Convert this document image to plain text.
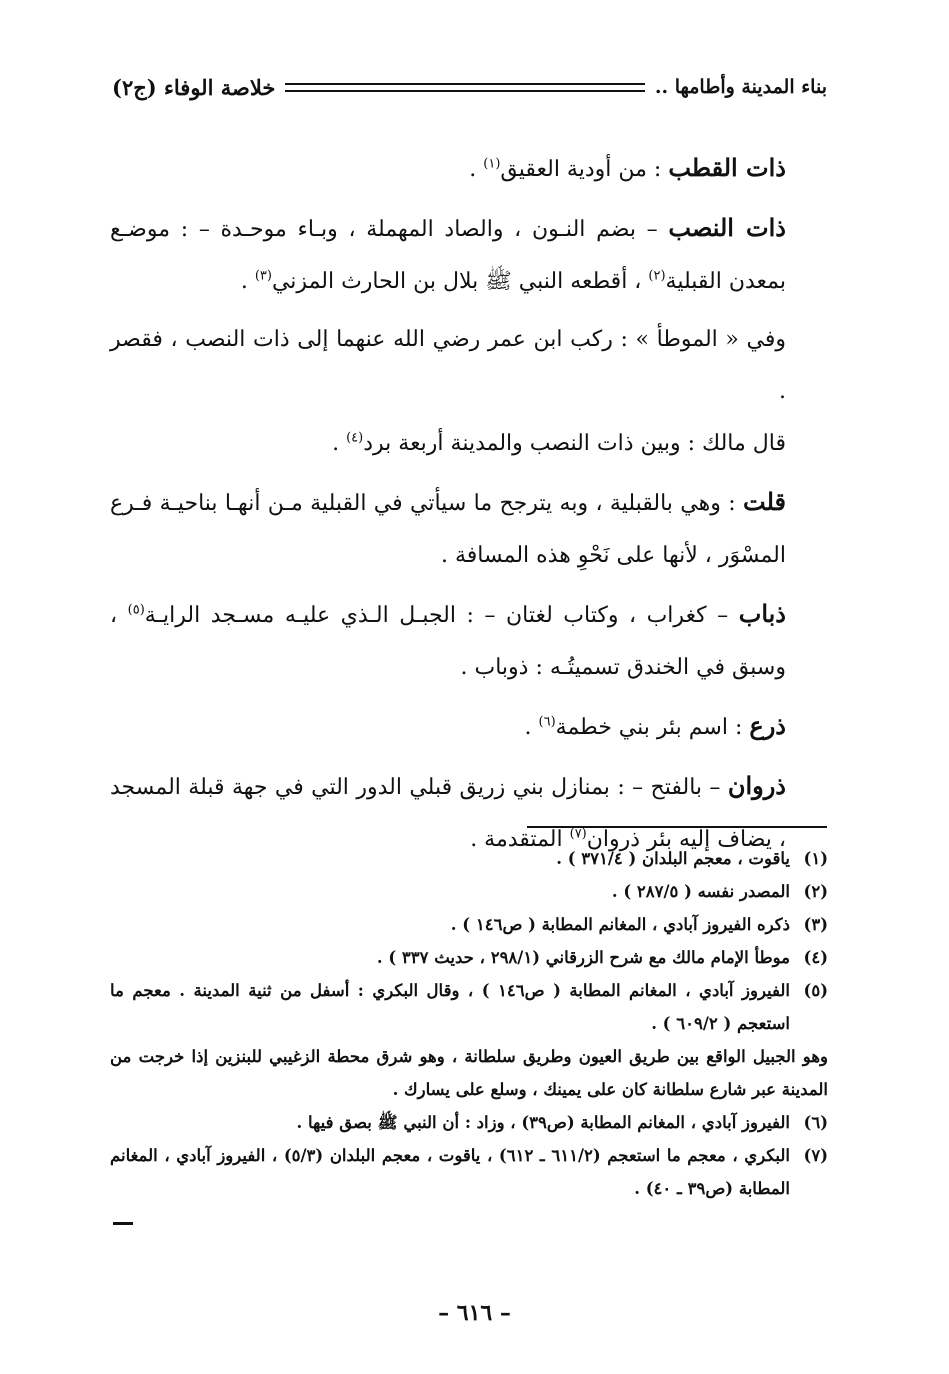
خلاصة الوفاء (ج٢)	بناء المدينة وأطامها ..

ذات القطب : من أودية العقيق$^{(١)}$ .

ذات النصب – بضم النـون ، والصاد المهملة ، وبـاء موحـدة – : موضـع بمعدن القبلية$^{(٢)}$ ، أقطعه النبي ﷺ بلال بن الحارث المزني$^{(٣)}$ .

وفي « الموطأ » : ركب ابن عمر رضي الله عنهما إلى ذات النصب ، فقصر .

قال مالك : وبين ذات النصب والمدينة أربعة برد$^{(٤)}$ .

قلت : وهي بالقبلية ، وبه يترجح ما سيأتي في القبلية مـن أنهـا بناحيـة فـرع المسْوَر ، لأنها على نَحْوِ هذه المسافة .

ذباب – كغراب ، وكتاب لغتان – : الجبـل الـذي عليـه مسـجد الرايـة$^{(٥)}$ ، وسبق في الخندق تسميتُـه : ذوباب .

ذرع : اسم بئر بني خطمة$^{(٦)}$ .

ذروان – بالفتح – : بمنازل بني زريق قبلي الدور التي في جهة قبلة المسجد ، يضاف إليه بئر ذروان$^{(٧)}$ المتقدمة .

(١)
ياقوت ، معجم البلدان ( ٣٧١/٤ ) .
(٢)
المصدر نفسه ( ٢٨٧/٥ ) .
(٣)
ذكره الفيروز آبادي ، المغانم المطابة ( ص١٤٦ ) .
(٤)
موطأ الإمام مالك مع شرح الزرقاني (٢٩٨/١ ، حديث ٣٣٧ ) .
(٥)
الفيروز آبادي ، المغانم المطابة ( ص١٤٦ ) ، وقال البكري : أسفل من ثنية المدينة . معجم ما استعجم ( ٦٠٩/٢ ) .
وهو الجبيل الواقع بين طريق العيون وطريق سلطانة ، وهو شرق محطة الزغيبي للبنزين إذا خرجت من المدينة عبر شارع سلطانة كان على يمينك ، وسلع على يسارك .
(٦)
الفيروز آبادي ، المغانم المطابة (ص٣٩) ، وزاد : أن النبي ﷺ بصق فيها .
(٧)
البكري ، معجم ما استعجم (٦١١/٢ ـ ٦١٢) ، ياقوت ، معجم البلدان (٥/٣) ، الفيروز آبادي ، المغانم المطابة (ص٣٩ ـ ٤٠) .
– ٦١٦ –
